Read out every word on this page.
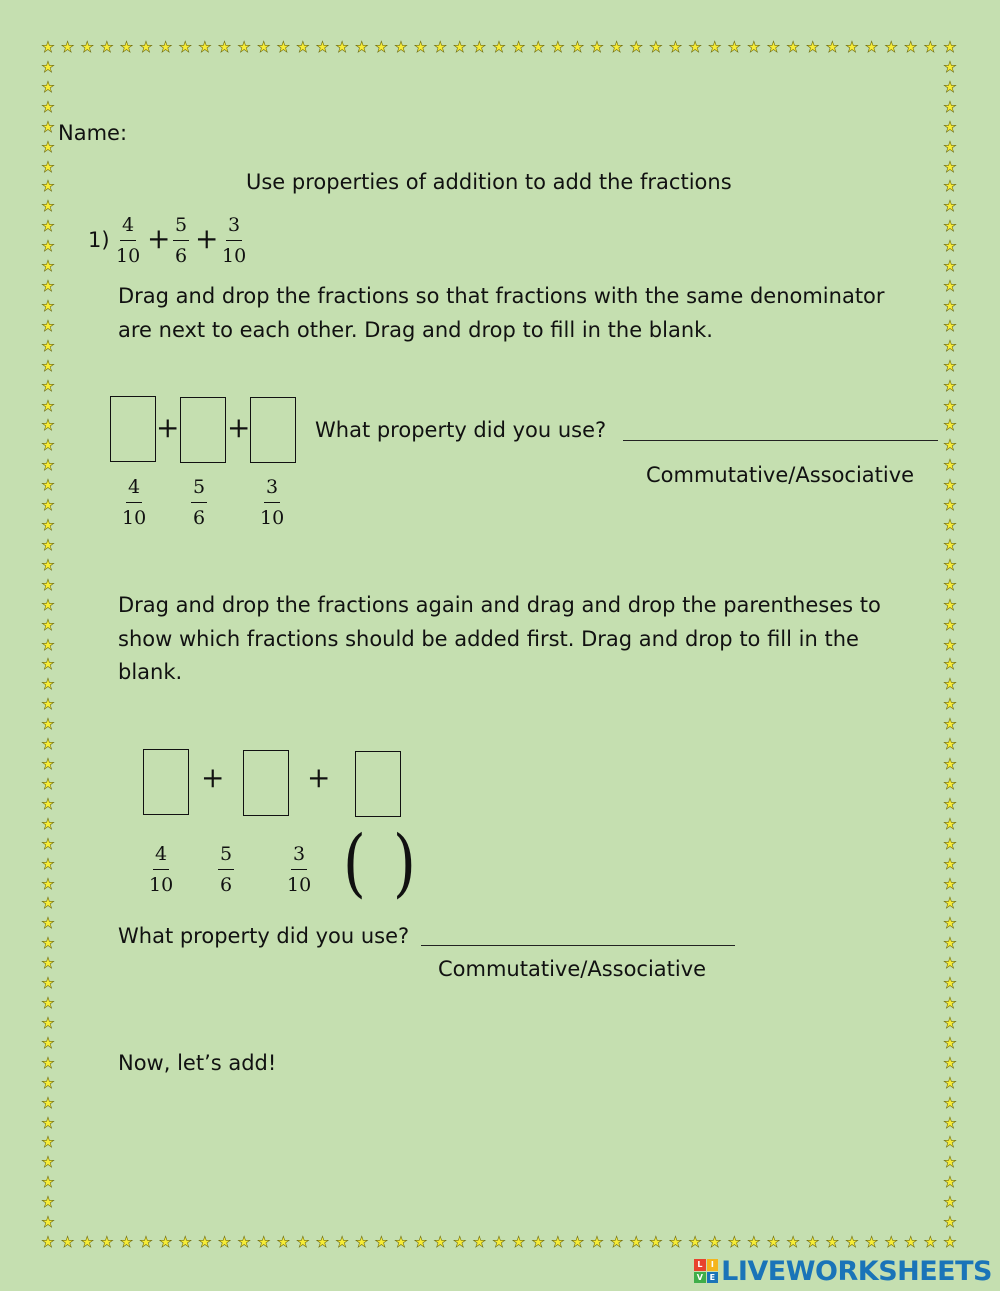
★
★
★
★
★
★
★
★
★
★
★
★
★
★
★
★
★
★
★
★
★
★
★
★
★
★
★
★
★
★
★
★
★
★
★
★
★
★
★
★
★
★
★
★
★
★
★
★
★
★
★
★
★
★
★
★
★
★
★
★
★
★
★
★
★
★
★
★
★
★
★
★
★
★
★
★
★
★
★
★
★
★
★
★
★
★
★
★
★
★
★
★
★
★
★	★
★	★
★	★
★	★
★	★
★	★
★	★
★	★
★	★
★	★
★	★
★	★
★	★
★	★
★	★
★	★
★	★
★	★
★	★
★	★
★	★
★	★
★	★
★	★
★	★
★	★
★	★
★	★
★	★
★	★
★	★
★	★
★	★
★	★
★	★
★	★
★	★
★	★
★	★
★	★
★	★
★	★
★	★
★	★
★	★
★	★
★	★
★	★
★	★
★	★
★	★
★	★
★	★
★	★
★	★
★	★
★	★
★	★
★	★
Name:
Use properties of addition to add the fractions
$1) \frac{4}{10} + \frac{5}{6} + \frac{3}{10}$
Drag and drop the fractions so that fractions with the same denominator
are next to each other. Drag and drop to fill in the blank.
+ +	What property did you use?
Commutative/Associative
$\frac{4}{10} \frac{5}{6}$	$\frac{3}{10}$
Drag and drop the fractions again and drag and drop the parentheses to
show which fractions should be added first. Drag and drop to fill in the
blank.
+	+
$\frac{4}{10} \frac{5}{6}$	$\frac{3}{10}$ ( )
What property did you use?
Commutative/Associative
Now, let’s add!
L	I
V E LIVEWORKSHEETS
